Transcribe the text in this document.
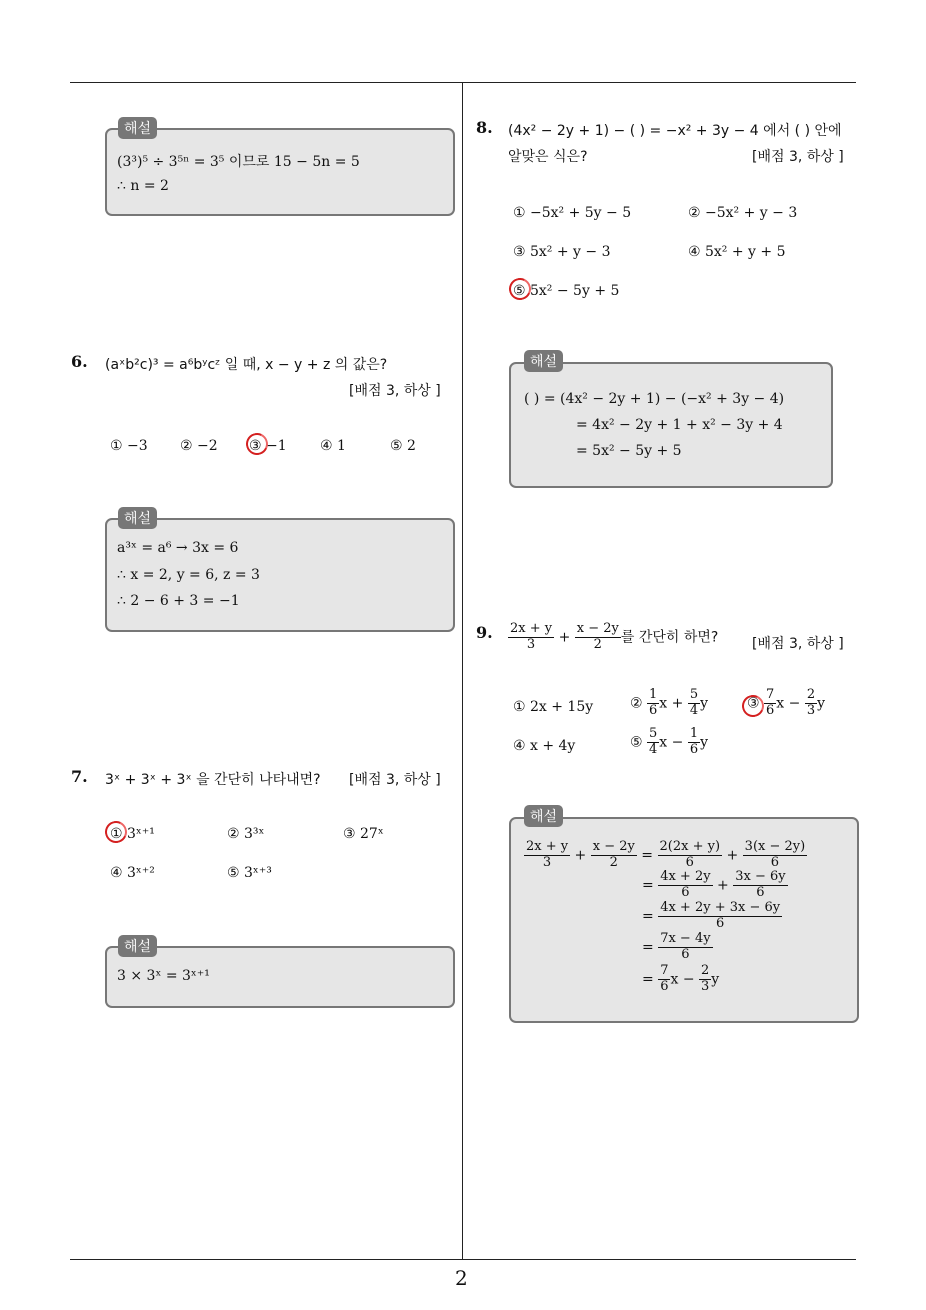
해설
(3³)⁵ ÷ 3⁵ⁿ = 3⁵ 이므로 15 − 5n = 5
∴ n = 2
6. (aˣb²c)³ = a⁶bʸcᶻ 일 때, x − y + z 의 값은?
[배점 3, 하상 ]
① −3 ② −2 ③ −1 ④ 1	⑤ 2
해설
a³ˣ = a⁶ → 3x = 6
∴ x = 2, y = 6, z = 3
∴ 2 − 6 + 3 = −1
7. 3ˣ + 3ˣ + 3ˣ 을 간단히 나타내면? [배점 3, 하상 ]
① 3ˣ⁺¹	② 3³ˣ	③ 27ˣ
④ 3ˣ⁺²	⑤ 3ˣ⁺³
해설
3 × 3ˣ = 3ˣ⁺¹
8. (4x² − 2y + 1) − ( ) = −x² + 3y − 4 에서 ( ) 안에
알맞은 식은?	[배점 3, 하상 ]
① −5x² + 5y − 5	② −5x² + y − 3
③ 5x² + y − 3	④ 5x² + y + 5
⑤ 5x² − 5y + 5
해설
( ) = (4x² − 2y + 1) − (−x² + 3y − 4)
= 4x² − 2y + 1 + x² − 3y + 4
= 5x² − 5y + 5
9. $\frac{2x + y}{3} + \frac{x - 2y}{2}$ 를 간단히 하면? [배점 3, 하상 ]
① 2x + 15y	② $\frac{1}{6}$ $x + \frac{5}{4}$ y	③ $\frac{7}{6}$ $x - \frac{2}{3}$ y
④ x + 4y	⑤ $\frac{5}{4}$ $x - \frac{1}{6}$ y
해설
$\frac{2x + y}{3} + \frac{x - 2y}{2} = \frac{2(2x + y)}{6} + \frac{3(x - 2y)}{6}$
= $\frac{4x + 2y}{6} + \frac{3x - 6y}{6}$
= $\frac{4x + 2y + 3x - 6y}{6}$
= $\frac{7x - 4y}{6}$
= $\frac{7}{6}$ $x - \frac{2}{3}$ y
2
